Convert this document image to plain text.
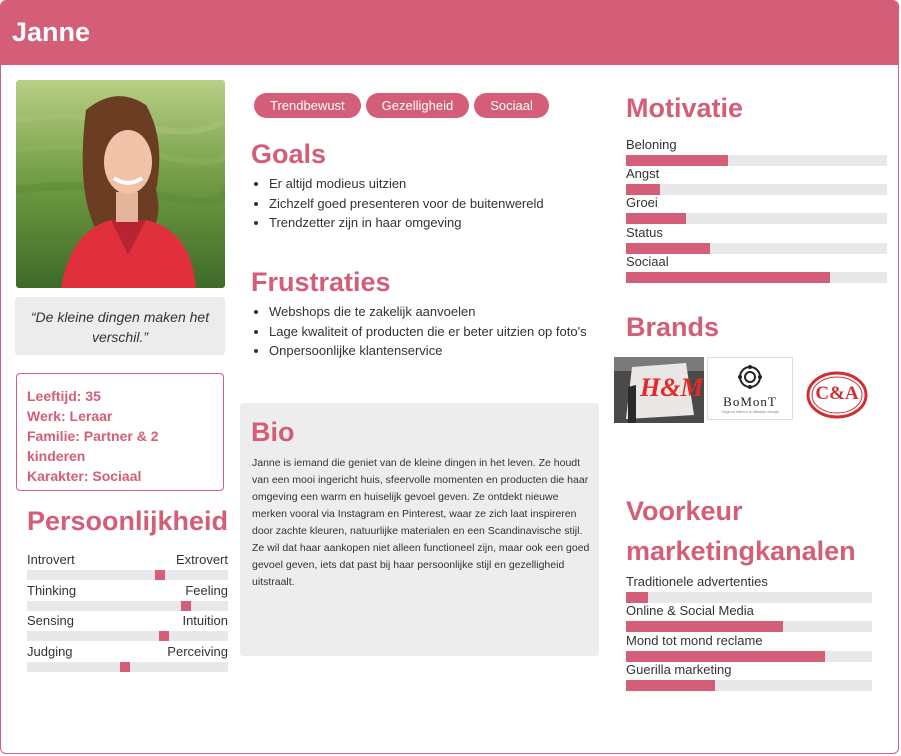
Janne
“De kleine dingen maken het verschil.”
Leeftijd: 35
Werk: Leraar
Familie: Partner & 2 kinderen
Karakter: Sociaal
Persoonlijkheid
Introvert	Extrovert
Thinking	Feeling
Sensing	Intuition
Judging	Perceiving
Trendbewust	Gezelligheid	Sociaal
Goals
• Er altijd modieus uitzien
• Zichzelf goed presenteren voor de buitenwereld
• Trendzetter zijn in haar omgeving
Frustraties
• Webshops die te zakelijk aanvoelen
• Lage kwaliteit of producten die er beter uitzien op foto's
• Onpersoonlijke klantenservice
Bio
Janne is iemand die geniet van de kleine dingen in het leven. Ze houdt van een mooi ingericht huis, sfeervolle momenten en producten die haar omgeving een warm en huiselijk gevoel geven. Ze ontdekt nieuwe merken vooral via Instagram en Pinterest, waar ze zich laat inspireren door zachte kleuren, natuurlijke materialen en een Scandinavische stijl.
Ze wil dat haar aankopen niet alleen functioneel zijn, maar ook een goed gevoel geven, iets dat past bij haar persoonlijke stijl en gezelligheid uitstraalt.
Motivatie
Beloning
Angst
Groei
Status
Sociaal
Brands
H&M	BoMonT
Original interior & lifestyle design
C&A
Voorkeur
marketingkanalen
Traditionele advertenties
Online & Social Media
Mond tot mond reclame
Guerilla marketing
